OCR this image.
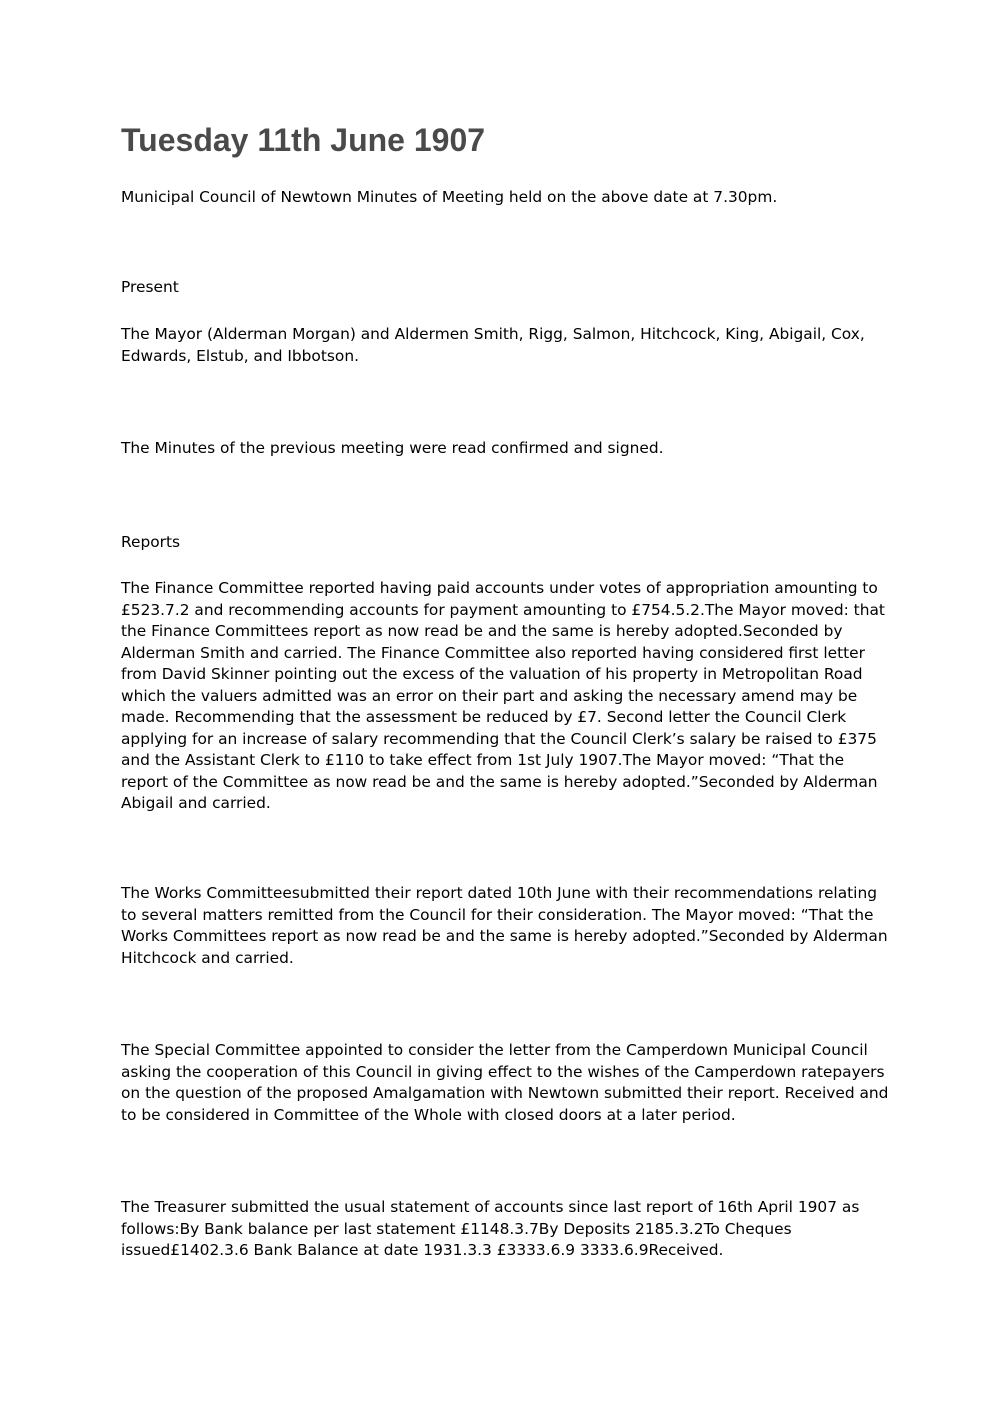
Tuesday 11th June 1907

Municipal Council of Newtown Minutes of Meeting held on the above date at 7.30pm.

Present

The Mayor (Alderman Morgan) and Aldermen Smith, Rigg, Salmon, Hitchcock, King, Abigail, Cox, Edwards, Elstub, and Ibbotson.

The Minutes of the previous meeting were read confirmed and signed.

Reports

The Finance Committee reported having paid accounts under votes of appropriation amounting to £523.7.2 and recommending accounts for payment amounting to £754.5.2.The Mayor moved: that the Finance Committees report as now read be and the same is hereby adopted.Seconded by Alderman Smith and carried. The Finance Committee also reported having considered first letter from David Skinner pointing out the excess of the valuation of his property in Metropolitan Road which the valuers admitted was an error on their part and asking the necessary amend may be made. Recommending that the assessment be reduced by £7. Second letter the Council Clerk applying for an increase of salary recommending that the Council Clerk’s salary be raised to £375 and the Assistant Clerk to £110 to take effect from 1st July 1907.The Mayor moved: “That the report of the Committee as now read be and the same is hereby adopted.”Seconded by Alderman Abigail and carried.

The Works Committeesubmitted their report dated 10th June with their recommendations relating to several matters remitted from the Council for their consideration. The Mayor moved: “That the Works Committees report as now read be and the same is hereby adopted.”Seconded by Alderman Hitchcock and carried.

The Special Committee appointed to consider the letter from the Camperdown Municipal Council asking the cooperation of this Council in giving effect to the wishes of the Camperdown ratepayers on the question of the proposed Amalgamation with Newtown submitted their report. Received and to be considered in Committee of the Whole with closed doors at a later period.

The Treasurer submitted the usual statement of accounts since last report of 16th April 1907 as follows:By Bank balance per last statement £1148.3.7By Deposits 2185.3.2To Cheques issued£1402.3.6 Bank Balance at date 1931.3.3 £3333.6.9 3333.6.9Received.
